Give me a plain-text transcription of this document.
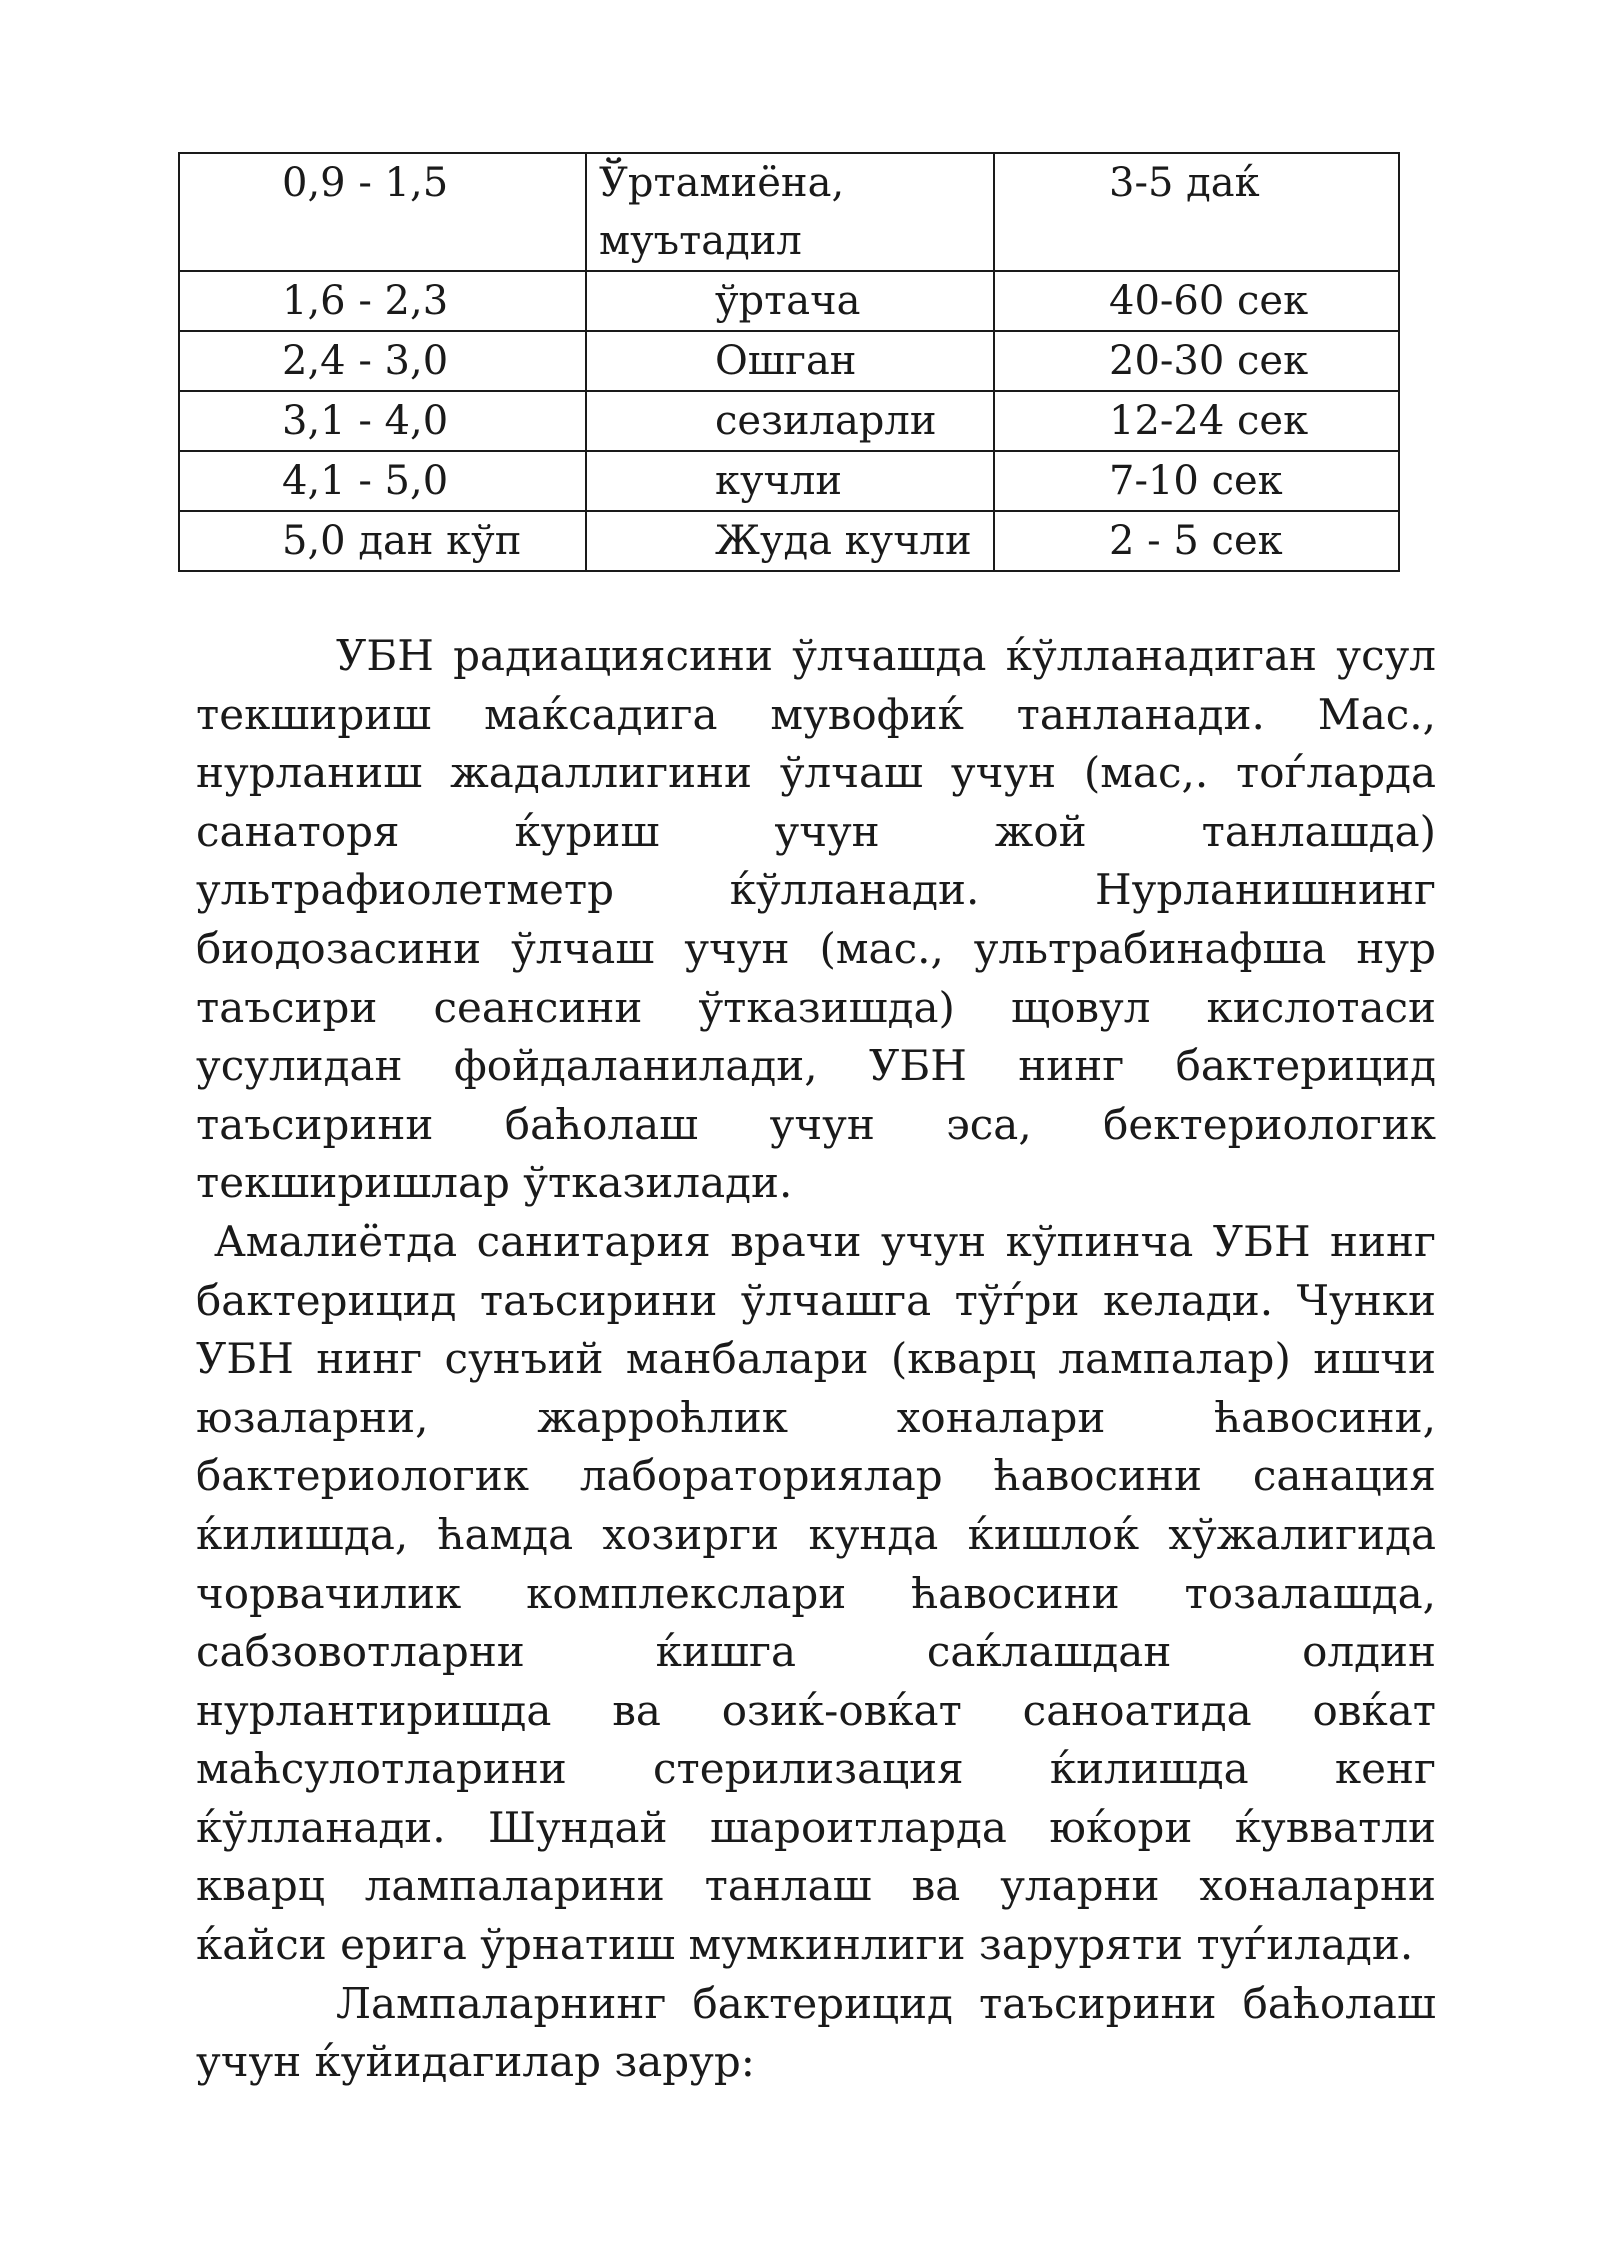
0,9 - 1,5	Ўртамиёна, муътадил	3-5 даќ
1,6 - 2,3	ўртача	40-60 сек
2,4 - 3,0	Ошган	20-30 сек
3,1 - 4,0	сезиларли	12-24 сек
4,1 - 5,0	кучли	7-10 сек
5,0 дан кўп	Жуда кучли	2 - 5 сек

УБН радиациясини ўлчашда ќўлланадиган усул текшириш маќсадига мувофиќ танланади. Мас., нурланиш жадаллигини ўлчаш учун (мас,. тоѓларда санаторя ќуриш учун жой танлашда) ультрафиолетметр ќўлланади. Нурланишнинг биодозасини ўлчаш учун (мас., ультрабинафша нур таъсири сеансини ўтказишда) щовул кислотаси усулидан фойдаланилади, УБН нинг бактерицид таъсирини баћолаш учун эса, бектериологик текширишлар ўтказилади.

Амалиётда санитария врачи учун кўпинча УБН нинг бактерицид таъсирини ўлчашга тўѓри келади. Чунки УБН нинг сунъий манбалари (кварц лампалар) ишчи юзаларни, жарроћлик хоналари ћавосини, бактериологик лабораториялар ћавосини санация ќилишда, ћамда хозирги кунда ќишлоќ хўжалигида чорвачилик комплекслари ћавосини тозалашда, сабзовотларни ќишга саќлашдан олдин нурлантиришда ва озиќ-овќат саноатида овќат маћсулотларини стерилизация ќилишда кенг ќўлланади. Шундай шароитларда юќори ќувватли кварц лампаларини танлаш ва уларни хоналарни ќайси ерига ўрнатиш мумкинлиги заруряти туѓилади.

Лампаларнинг бактерицид таъсирини баћолаш учун ќуйидагилар зарур:
